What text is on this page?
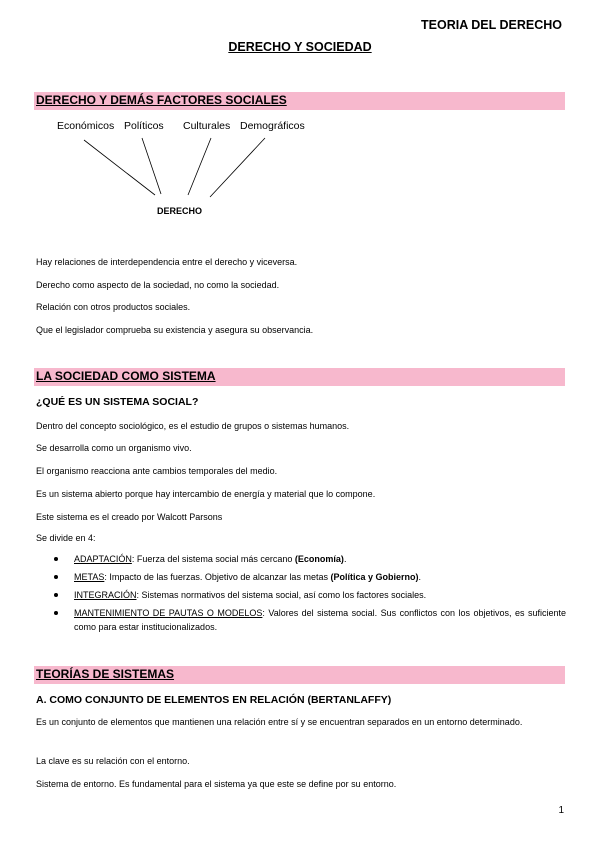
TEORIA DEL DERECHO
DERECHO Y SOCIEDAD
DERECHO Y DEMÁS FACTORES SOCIALES
Económicos Políticos Culturales Demográficos
DERECHO
Hay relaciones de interdependencia entre el derecho y viceversa.
Derecho como aspecto de la sociedad, no como la sociedad.
Relación con otros productos sociales.
Que el legislador comprueba su existencia y asegura su observancia.
LA SOCIEDAD COMO SISTEMA
¿QUÉ ES UN SISTEMA SOCIAL?
Dentro del concepto sociológico, es el estudio de grupos o sistemas humanos.
Se desarrolla como un organismo vivo.
El organismo reacciona ante cambios temporales del medio.
Es un sistema abierto porque hay intercambio de energía y material que lo compone.
Este sistema es el creado por Walcott Parsons
Se divide en 4:
ADAPTACIÓN: Fuerza del sistema social más cercano (Economía).
METAS: Impacto de las fuerzas. Objetivo de alcanzar las metas (Política y Gobierno).
INTEGRACIÓN: Sistemas normativos del sistema social, así como los factores sociales.
MANTENIMIENTO DE PAUTAS O MODELOS: Valores del sistema social. Sus conflictos con los objetivos, es suficiente como para estar institucionalizados.
TEORÍAS DE SISTEMAS
A. COMO CONJUNTO DE ELEMENTOS EN RELACIÓN (BERTANLAFFY)
Es un conjunto de elementos que mantienen una relación entre sí y se encuentran separados en un entorno determinado.
La clave es su relación con el entorno.
Sistema de entorno. Es fundamental para el sistema ya que este se define por su entorno.
1
